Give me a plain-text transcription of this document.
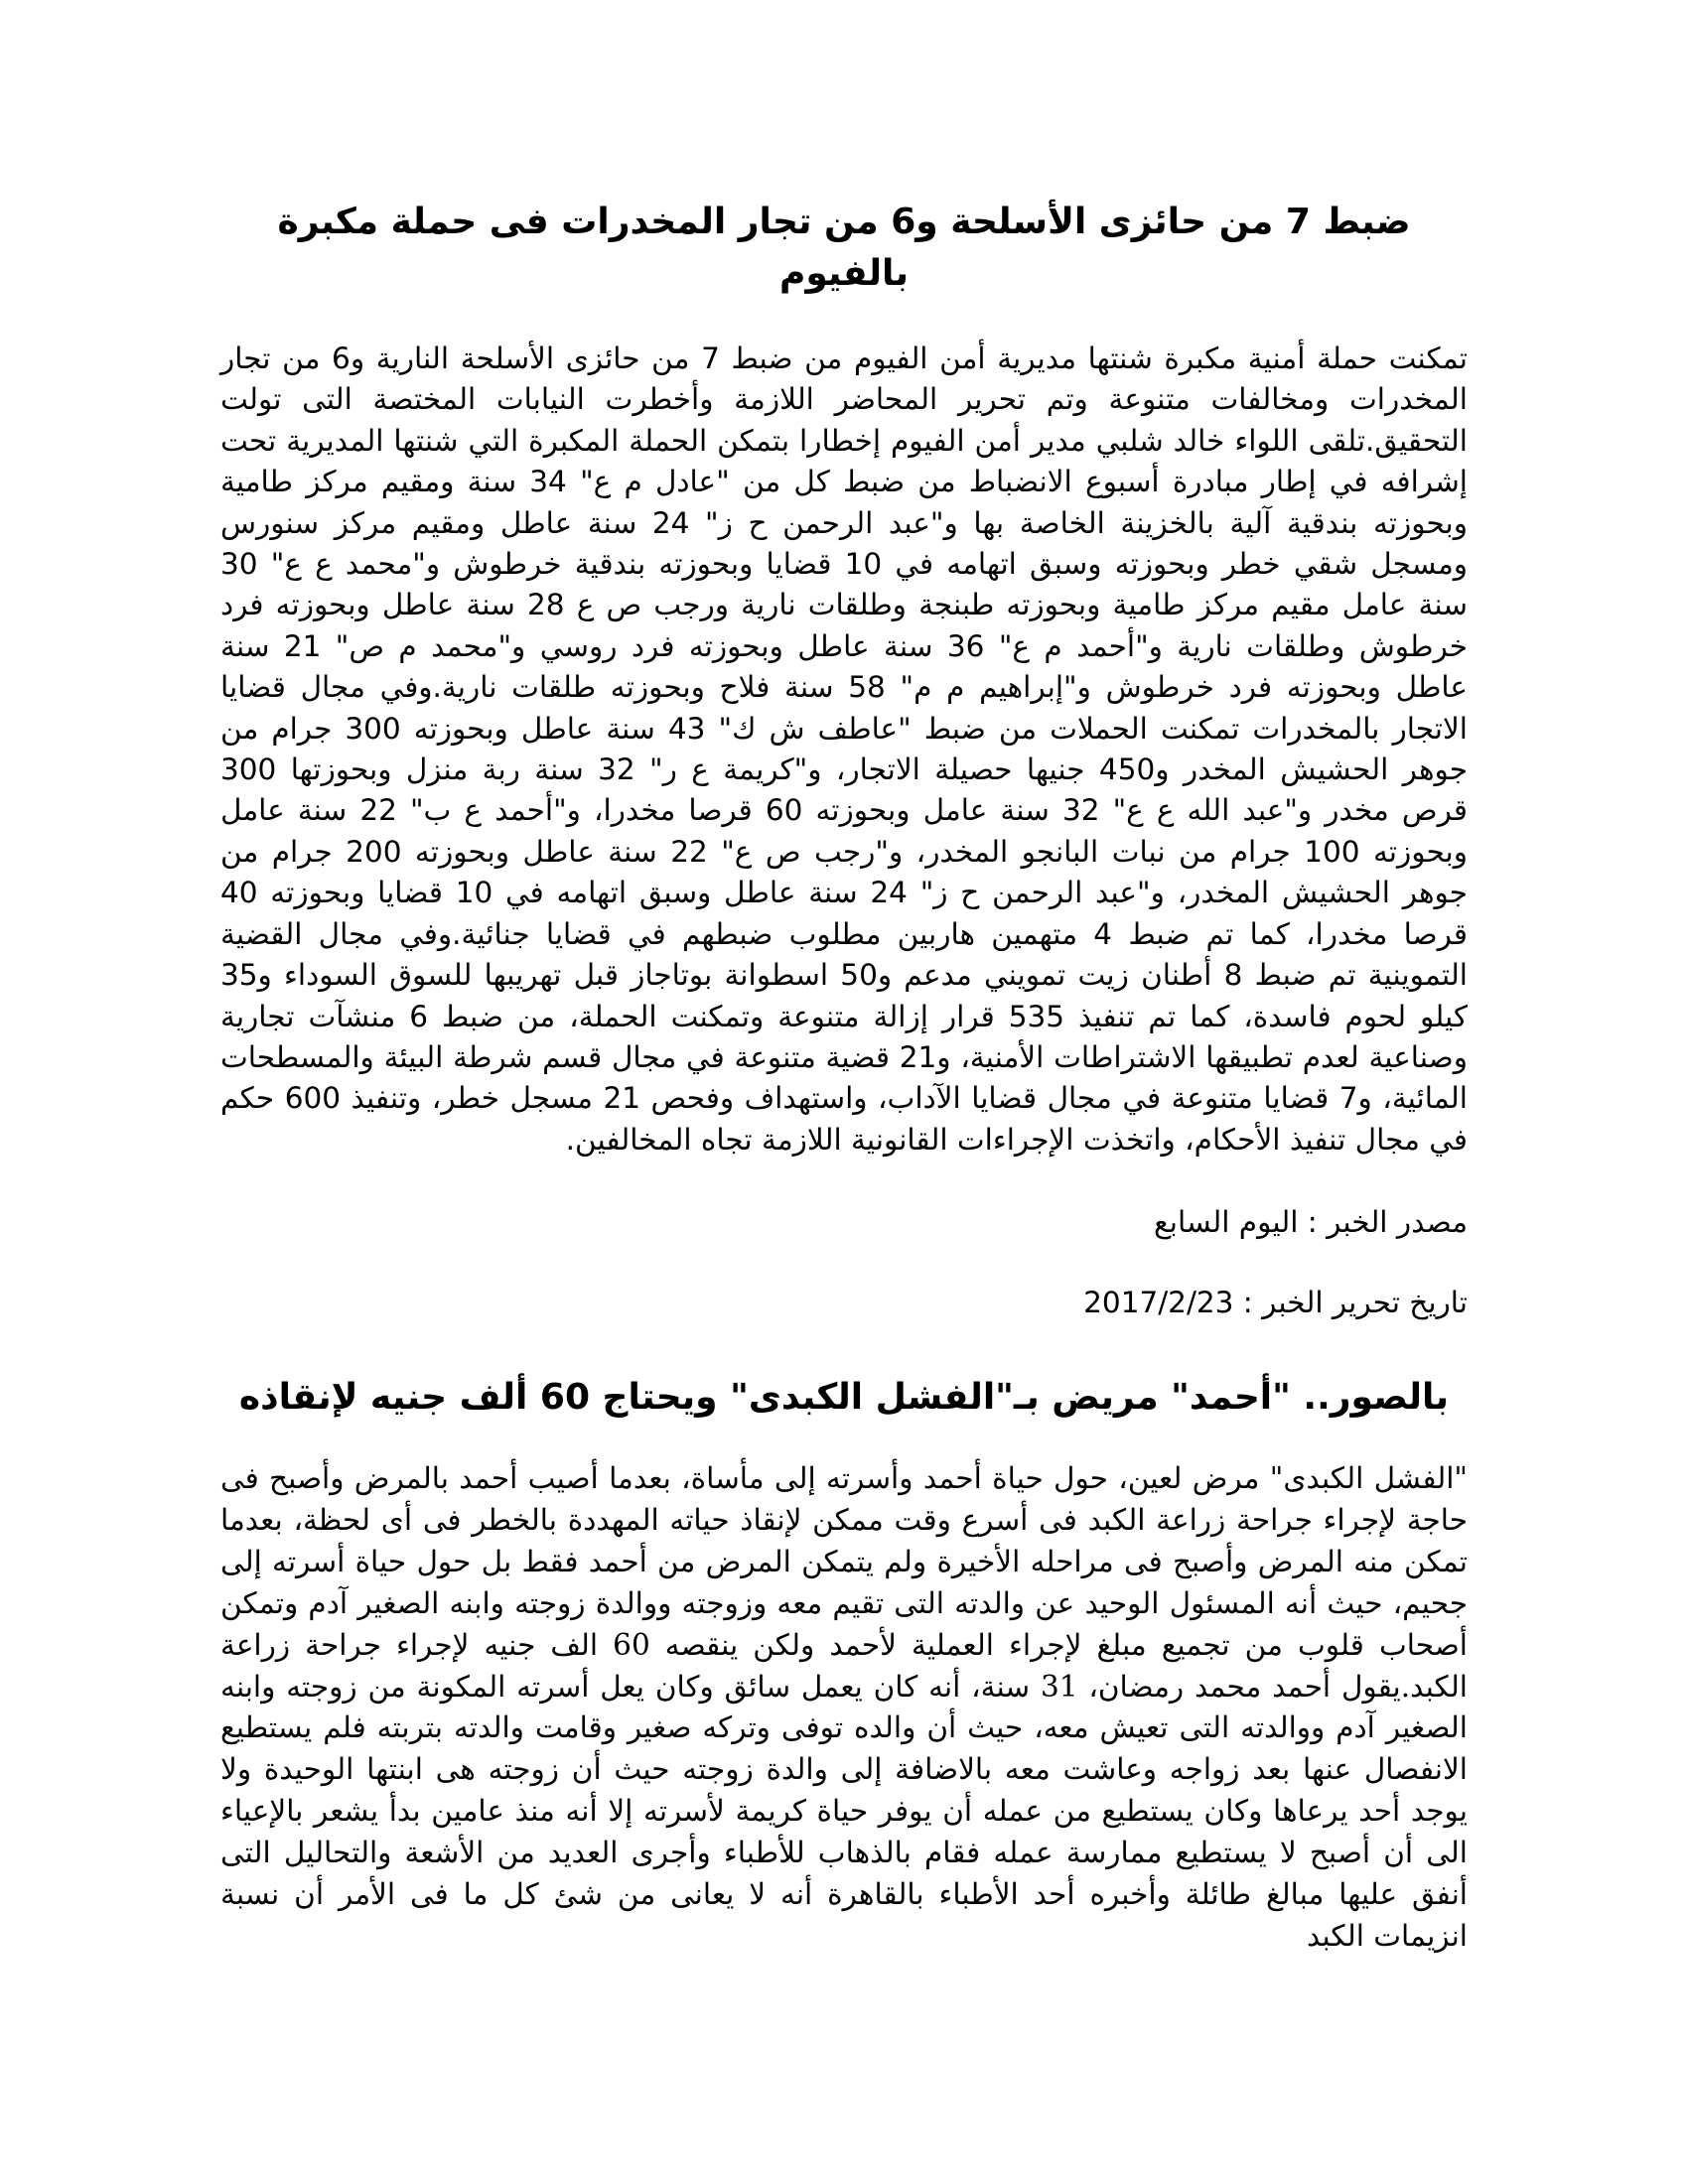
ضبط 7 من حائزى الأسلحة و6 من تجار المخدرات فى حملة مكبرة بالفيوم

تمكنت حملة أمنية مكبرة شنتها مديرية أمن الفيوم من ضبط 7 من حائزى الأسلحة النارية و6 من تجار المخدرات ومخالفات متنوعة وتم تحرير المحاضر اللازمة وأخطرت النيابات المختصة التى تولت التحقيق.تلقى اللواء خالد شلبي مدير أمن الفيوم إخطارا بتمكن الحملة المكبرة التي شنتها المديرية تحت إشرافه في إطار مبادرة أسبوع الانضباط من ضبط كل من "عادل م ع" 34 سنة ومقيم مركز طامية وبحوزته بندقية آلية بالخزينة الخاصة بها و"عبد الرحمن ح ز" 24 سنة عاطل ومقيم مركز سنورس ومسجل شقي خطر وبحوزته وسبق اتهامه في 10 قضايا وبحوزته بندقية خرطوش و"محمد ع ع" 30 سنة عامل مقيم مركز طامية وبحوزته طبنجة وطلقات نارية ورجب ص ع 28 سنة عاطل وبحوزته فرد خرطوش وطلقات نارية و"أحمد م ع" 36 سنة عاطل وبحوزته فرد روسي و"محمد م ص" 21 سنة عاطل وبحوزته فرد خرطوش و"إبراهيم م م" 58 سنة فلاح وبحوزته طلقات نارية.وفي مجال قضايا الاتجار بالمخدرات تمكنت الحملات من ضبط "عاطف ش ك" 43 سنة عاطل وبحوزته 300 جرام من جوهر الحشيش المخدر و450 جنيها حصيلة الاتجار، و"كريمة ع ر" 32 سنة ربة منزل وبحوزتها 300 قرص مخدر و"عبد الله ع ع" 32 سنة عامل وبحوزته 60 قرصا مخدرا، و"أحمد ع ب" 22 سنة عامل وبحوزته 100 جرام من نبات البانجو المخدر، و"رجب ص ع" 22 سنة عاطل وبحوزته 200 جرام من جوهر الحشيش المخدر، و"عبد الرحمن ح ز" 24 سنة عاطل وسبق اتهامه في 10 قضايا وبحوزته 40 قرصا مخدرا، كما تم ضبط 4 متهمين هاربين مطلوب ضبطهم في قضايا جنائية.وفي مجال القضية التموينية تم ضبط 8 أطنان زيت تمويني مدعم و50 اسطوانة بوتاجاز قبل تهريبها للسوق السوداء و35 كيلو لحوم فاسدة، كما تم تنفيذ 535 قرار إزالة متنوعة وتمكنت الحملة، من ضبط 6 منشآت تجارية وصناعية لعدم تطبيقها الاشتراطات الأمنية، و21 قضية متنوعة في مجال قسم شرطة البيئة والمسطحات المائية، و7 قضايا متنوعة في مجال قضايا الآداب، واستهداف وفحص 21 مسجل خطر، وتنفيذ 600 حكم في مجال تنفيذ الأحكام، واتخذت الإجراءات القانونية اللازمة تجاه المخالفين.

مصدر الخبر : اليوم السابع

تاريخ تحرير الخبر : 2017/2/23

بالصور.. "أحمد" مريض بـ"الفشل الكبدى" ويحتاج 60 ألف جنيه لإنقاذه

"الفشل الكبدى" مرض لعين، حول حياة أحمد وأسرته إلى مأساة، بعدما أصيب أحمد بالمرض وأصبح فى حاجة لإجراء جراحة زراعة الكبد فى أسرع وقت ممكن لإنقاذ حياته المهددة بالخطر فى أى لحظة، بعدما تمكن منه المرض وأصبح فى مراحله الأخيرة ولم يتمكن المرض من أحمد فقط بل حول حياة أسرته إلى جحيم، حيث أنه المسئول الوحيد عن والدته التى تقيم معه وزوجته ووالدة زوجته وابنه الصغير آدم وتمكن أصحاب قلوب من تجميع مبلغ لإجراء العملية لأحمد ولكن ينقصه 60 الف جنيه لإجراء جراحة زراعة الكبد.يقول أحمد محمد رمضان، 31 سنة، أنه كان يعمل سائق وكان يعل أسرته المكونة من زوجته وابنه الصغير آدم ووالدته التى تعيش معه، حيث أن والده توفى وتركه صغير وقامت والدته بتربته فلم يستطيع الانفصال عنها بعد زواجه وعاشت معه بالاضافة إلى والدة زوجته حيث أن زوجته هى ابنتها الوحيدة ولا يوجد أحد يرعاها وكان يستطيع من عمله أن يوفر حياة كريمة لأسرته إلا أنه منذ عامين بدأ يشعر بالإعياء الى أن أصبح لا يستطيع ممارسة عمله فقام بالذهاب للأطباء وأجرى العديد من الأشعة والتحاليل التى أنفق عليها مبالغ طائلة وأخبره أحد الأطباء بالقاهرة أنه لا يعانى من شئ كل ما فى الأمر أن نسبة انزيمات الكبد
